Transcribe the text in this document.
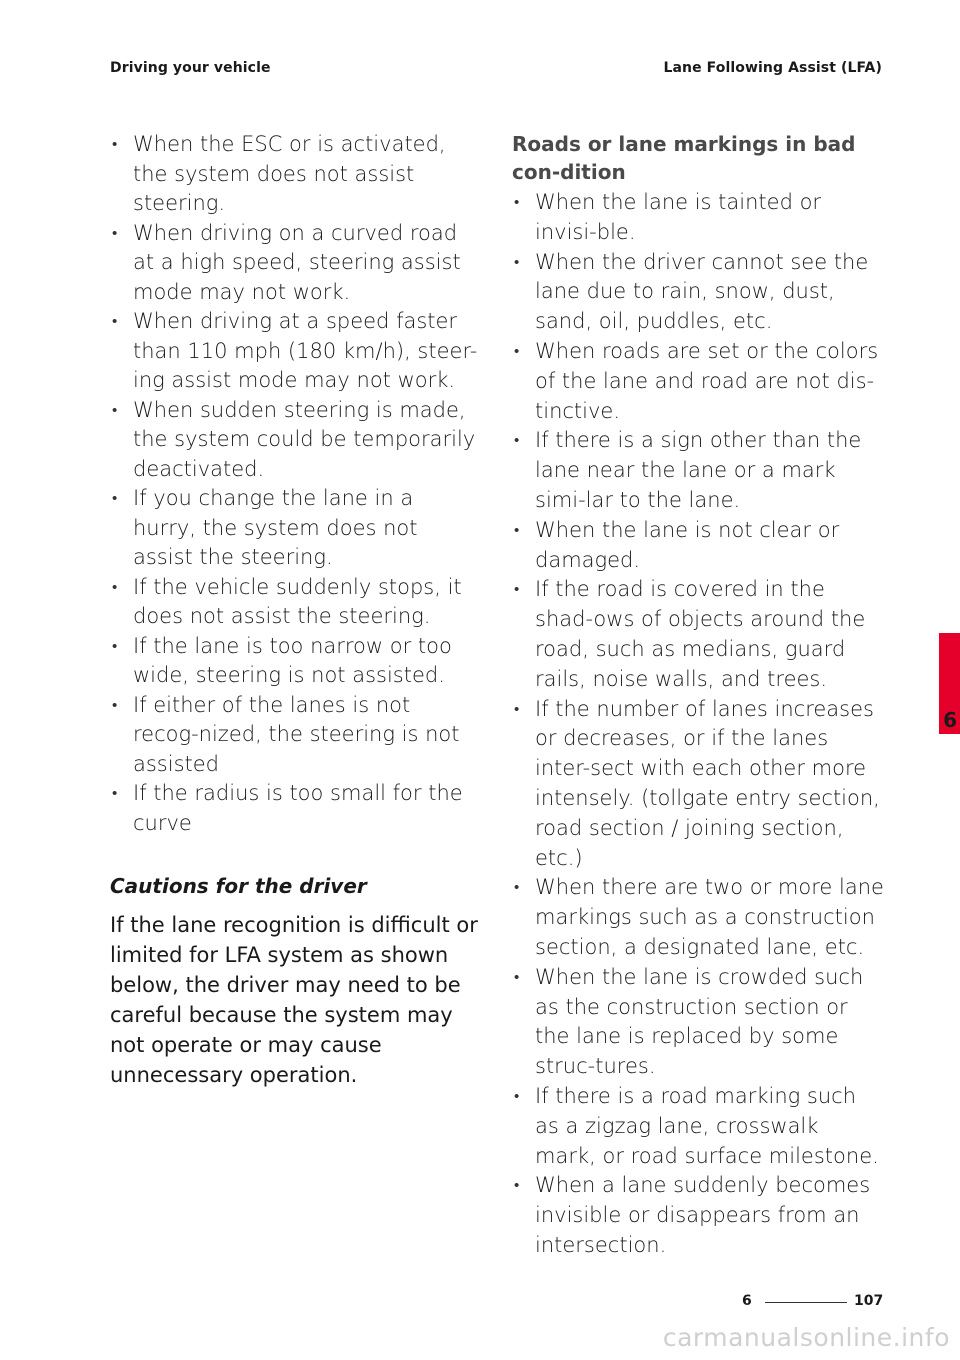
Driving your vehicle	Lane Following Assist (LFA)
• When the ESC or is activated, the system does not assist steering.
• When driving on a curved road at a high speed, steering assist mode may not work.
• When driving at a speed faster than 110 mph (180 km/h), steer-ing assist mode may not work.
• When sudden steering is made, the system could be temporarily deactivated.
• If you change the lane in a hurry, the system does not assist the steering.
• If the vehicle suddenly stops, it does not assist the steering.
• If the lane is too narrow or too wide, steering is not assisted.
• If either of the lanes is not recog-nized, the steering is not assisted
• If the radius is too small for the curve
Cautions for the driver
If the lane recognition is difficult or limited for LFA system as shown below, the driver may need to be careful because the system may not operate or may cause unnecessary operation.
Roads or lane markings in bad con-dition
• When the lane is tainted or invisi-ble.
• When the driver cannot see the lane due to rain, snow, dust, sand, oil, puddles, etc.
• When roads are set or the colors of the lane and road are not dis-tinctive.
• If there is a sign other than the lane near the lane or a mark simi-lar to the lane.
• When the lane is not clear or damaged.
• If the road is covered in the shad-ows of objects around the road, such as medians, guard rails, noise walls, and trees.
• If the number of lanes increases or decreases, or if the lanes inter-sect with each other more intensely. (tollgate entry section, road section / joining section, etc.)
• When there are two or more lane markings such as a construction section, a designated lane, etc.
• When the lane is crowded such as the construction section or the lane is replaced by some struc-tures.
• If there is a road marking such as a zigzag lane, crosswalk mark, or road surface milestone.
• When a lane suddenly becomes invisible or disappears from an intersection.
6
6	107
carmanualsonline.info
